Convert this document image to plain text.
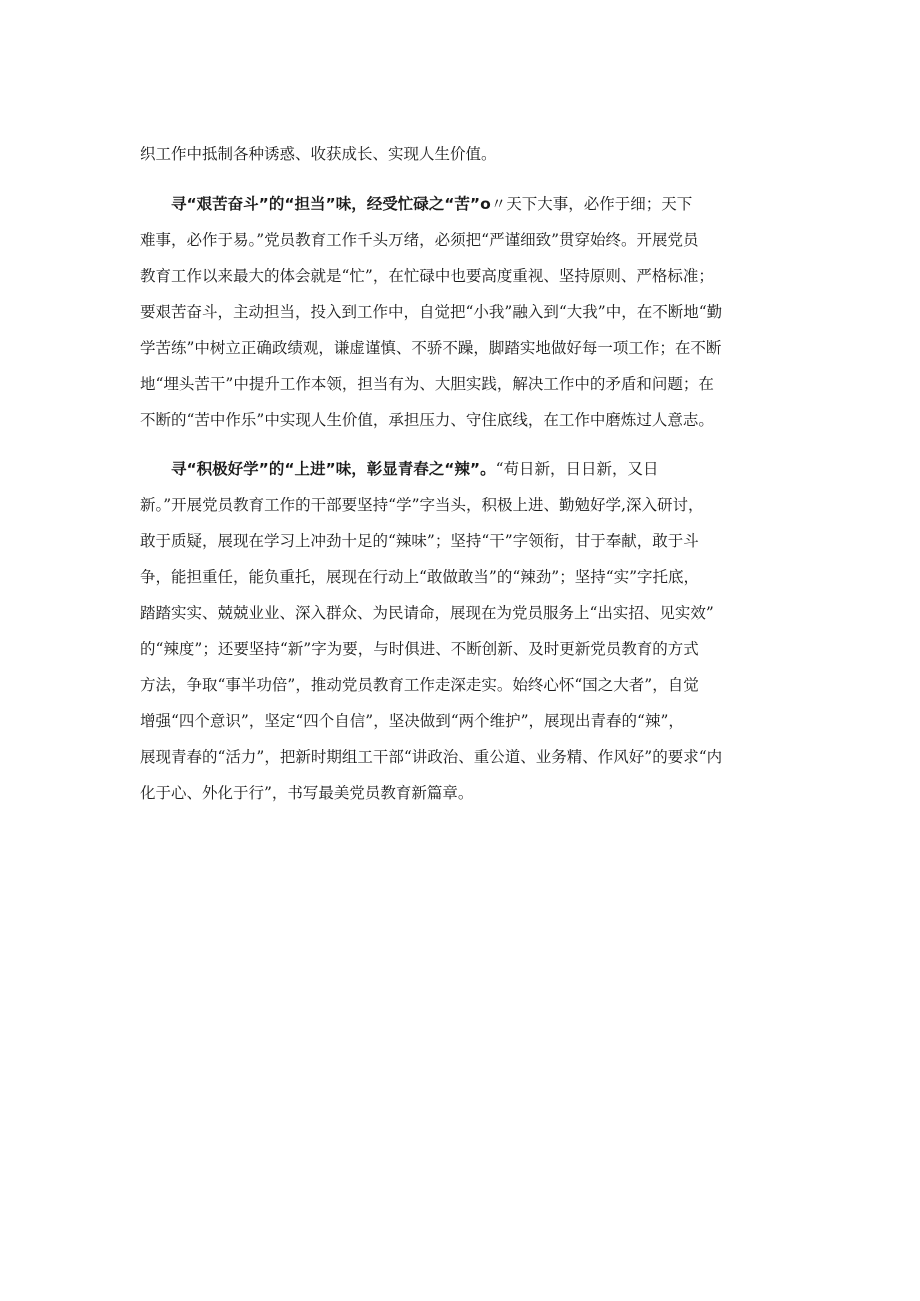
织工作中抵制各种诱惑、收获成长、实现人生价值。
寻“艰苦奋斗”的“担当”味，经受忙碌之“苦”o〃天下大事，必作于细；天下
难事，必作于易。”党员教育工作千头万绪，必须把“严谨细致”贯穿始终。开展党员
教育工作以来最大的体会就是“忙”，在忙碌中也要高度重视、坚持原则、严格标准；
要艰苦奋斗，主动担当，投入到工作中，自觉把“小我”融入到“大我”中，在不断地“勤
学苦练”中树立正确政绩观，谦虚谨慎、不骄不躁，脚踏实地做好每一项工作；在不断
地“埋头苦干”中提升工作本领，担当有为、大胆实践，解决工作中的矛盾和问题；在
不断的“苦中作乐”中实现人生价值，承担压力、守住底线，在工作中磨炼过人意志。
寻“积极好学”的“上进”味，彰显青春之“辣”。“苟日新，日日新，又日
新。”开展党员教育工作的干部要坚持“学”字当头，积极上进、勤勉好学,深入研讨，
敢于质疑，展现在学习上冲劲十足的“辣味”；坚持“干”字领衔，甘于奉献，敢于斗
争，能担重任，能负重托，展现在行动上“敢做敢当”的“辣劲”；坚持“实”字托底，
踏踏实实、兢兢业业、深入群众、为民请命，展现在为党员服务上“出实招、见实效”
的“辣度”；还要坚持“新”字为要，与时俱进、不断创新、及时更新党员教育的方式
方法，争取“事半功倍”，推动党员教育工作走深走实。始终心怀“国之大者”，自觉
增强“四个意识”，坚定“四个自信”，坚决做到“两个维护”，展现出青春的“辣”，
展现青春的“活力”，把新时期组工干部“讲政治、重公道、业务精、作风好”的要求“内
化于心、外化于行”，书写最美党员教育新篇章。
